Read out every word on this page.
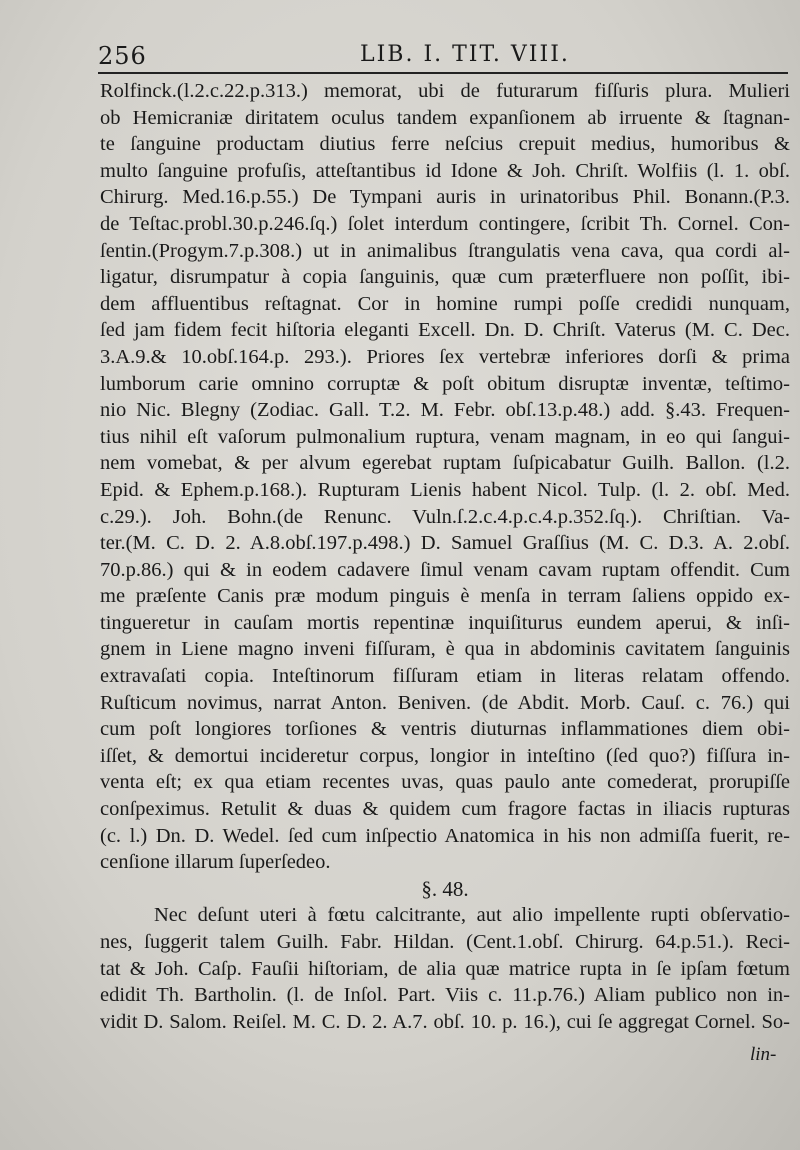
256	LIB. I. TIT. VIII.
Rolfinck.(l.2.c.22.p.313.) memorat, ubi de futurarum fiſſuris plura. Mulieri
ob Hemicraniæ diritatem oculus tandem expanſionem ab irruente & ſtagnan-
te ſanguine productam diutius ferre neſcius crepuit medius, humoribus &
multo ſanguine profuſis, atteſtantibus id Idone & Joh. Chriſt. Wolfiis (l. 1. obſ.
Chirurg. Med.16.p.55.) De Tympani auris in urinatoribus Phil. Bonann.(P.3.
de Teſtac.probl.30.p.246.ſq.) ſolet interdum contingere, ſcribit Th. Cornel. Con-
ſentin.(Progym.7.p.308.) ut in animalibus ſtrangulatis vena cava, qua cordi al-
ligatur, disrumpatur à copia ſanguinis, quæ cum præterfluere non poſſit, ibi-
dem affluentibus reſtagnat. Cor in homine rumpi poſſe credidi nunquam,
ſed jam fidem fecit hiſtoria eleganti Excell. Dn. D. Chriſt. Vaterus (M. C. Dec.
3.A.9.& 10.obſ.164.p. 293.). Priores ſex vertebræ inferiores dorſi & prima
lumborum carie omnino corruptæ & poſt obitum disruptæ inventæ, teſtimo-
nio Nic. Blegny (Zodiac. Gall. T.2. M. Febr. obſ.13.p.48.) add. §.43. Frequen-
tius nihil eſt vaſorum pulmonalium ruptura, venam magnam, in eo qui ſangui-
nem vomebat, & per alvum egerebat ruptam ſuſpicabatur Guilh. Ballon. (l.2.
Epid. & Ephem.p.168.). Rupturam Lienis habent Nicol. Tulp. (l. 2. obſ. Med.
c.29.). Joh. Bohn.(de Renunc. Vuln.ſ.2.c.4.p.c.4.p.352.ſq.). Chriſtian. Va-
ter.(M. C. D. 2. A.8.obſ.197.p.498.) D. Samuel Graſſius (M. C. D.3. A. 2.obſ.
70.p.86.) qui & in eodem cadavere ſimul venam cavam ruptam offendit. Cum
me præſente Canis præ modum pinguis è menſa in terram ſaliens oppido ex-
tingueretur in cauſam mortis repentinæ inquiſiturus eundem aperui, & inſi-
gnem in Liene magno inveni fiſſuram, è qua in abdominis cavitatem ſanguinis
extravaſati copia. Inteſtinorum fiſſuram etiam in literas relatam offendo.
Ruſticum novimus, narrat Anton. Beniven. (de Abdit. Morb. Cauſ. c. 76.) qui
cum poſt longiores torſiones & ventris diuturnas inflammationes diem obi-
iſſet, & demortui incideretur corpus, longior in inteſtino (ſed quo?) fiſſura in-
venta eſt; ex qua etiam recentes uvas, quas paulo ante comederat, prorupiſſe
conſpeximus. Retulit & duas & quidem cum fragore factas in iliacis rupturas
(c. l.) Dn. D. Wedel. ſed cum inſpectio Anatomica in his non admiſſa fuerit, re-
cenſione illarum ſuperſedeo.
§. 48.
Nec deſunt uteri à fœtu calcitrante, aut alio impellente rupti obſervatio-
nes, ſuggerit talem Guilh. Fabr. Hildan. (Cent.1.obſ. Chirurg. 64.p.51.). Reci-
tat & Joh. Caſp. Fauſii hiſtoriam, de alia quæ matrice rupta in ſe ipſam fœtum
edidit Th. Bartholin. (l. de Inſol. Part. Viis c. 11.p.76.) Aliam publico non in-
vidit D. Salom. Reiſel. M. C. D. 2. A.7. obſ. 10. p. 16.), cui ſe aggregat Cornel. So-
lin-
